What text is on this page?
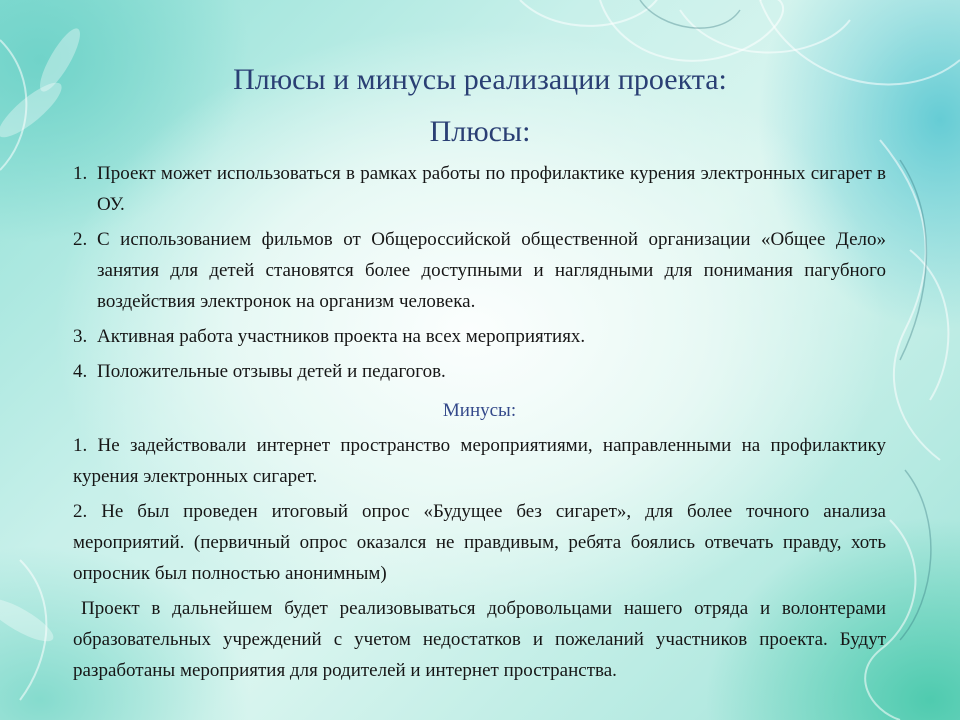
Плюсы и минусы реализации проекта:
Плюсы:
1. Проект может использоваться в рамках работы по профилактике курения электронных сигарет в ОУ.
2. С использованием фильмов от Общероссийской общественной организации «Общее Дело» занятия для детей становятся более доступными и наглядными для понимания пагубного воздействия электронок на организм человека.
3. Активная работа участников проекта на всех мероприятиях.
4. Положительные отзывы детей и педагогов.
Минусы:
1. Не задействовали интернет пространство мероприятиями, направленными на профилактику курения электронных сигарет.
2. Не был проведен итоговый опрос «Будущее без сигарет», для более точного анализа мероприятий. (первичный опрос оказался не правдивым, ребята боялись отвечать правду, хоть опросник был полностью анонимным)
Проект в дальнейшем будет реализовываться добровольцами нашего отряда и волонтерами образовательных учреждений с учетом недостатков и пожеланий участников проекта. Будут разработаны мероприятия для родителей и интернет пространства.
